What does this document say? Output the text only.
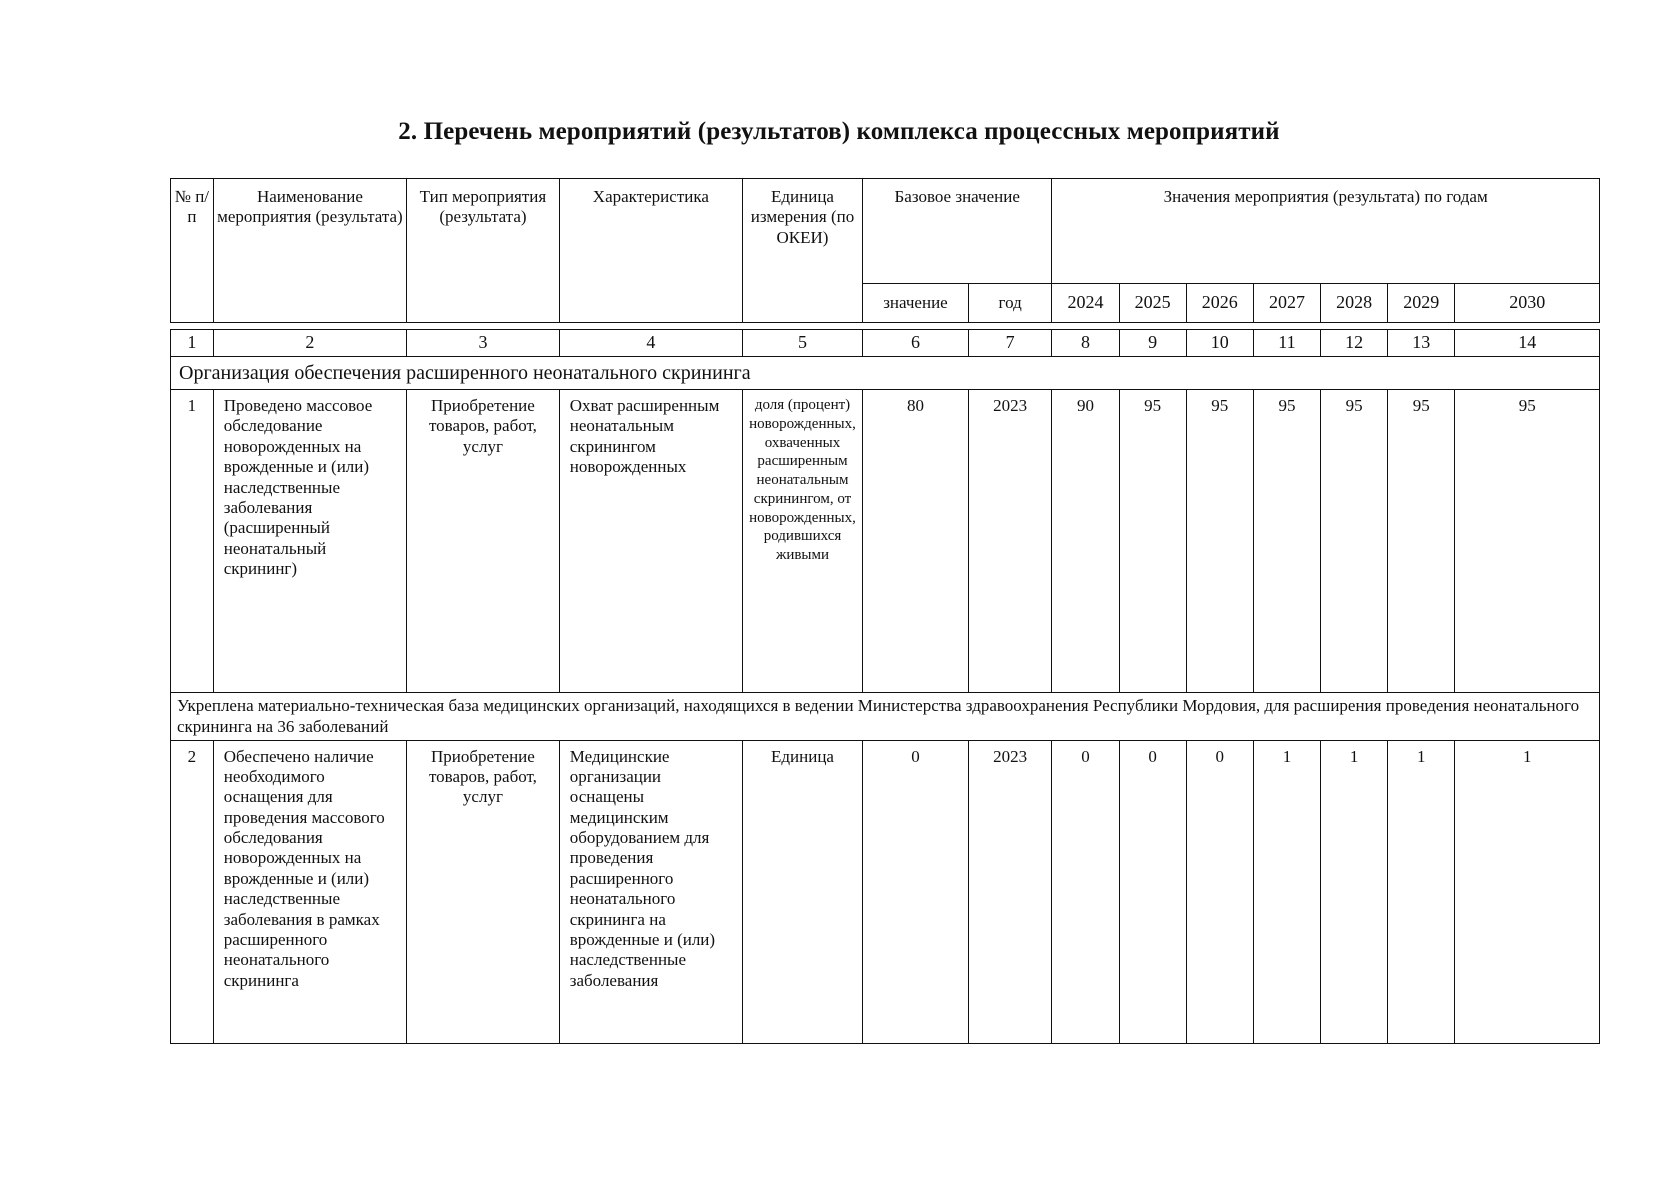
2. Перечень мероприятий (результатов) комплекса процессных мероприятий
№ п/п	Наименование мероприятия (результата)	Тип мероприятия (результата)	Характеристика	Единица измерения (по ОКЕИ)	Базовое значение		Значения мероприятия (результата) по годам						
					значение	год	2024	2025	2026	2027	2028	2029	2030

1	2	3	4	5	6	7	8	9	10	11	12	13	14
Организация обеспечения расширенного неонатального скрининга													
1	Проведено массовое обследование новорожденных на врожденные и (или) наследственные заболевания (расширенный неонатальный скрининг)	Приобретение товаров, работ, услуг	Охват расширенным неонатальным скринингом новорожденных	доля (процент) новорожденных, охваченных расширенным неонатальным скринингом, от новорожденных, родившихся живыми	80	2023	90	95	95	95	95	95	95
Укреплена материально-техническая база медицинских организаций, находящихся в ведении Министерства здравоохранения Республики Мордовия, для расширения проведения неонатального скрининга на 36 заболеваний													
2	Обеспечено наличие необходимого оснащения для проведения массового обследования новорожденных на врожденные и (или) наследственные заболевания в рамках расширенного неонатального скрининга	Приобретение товаров, работ, услуг	Медицинские организации оснащены медицинским оборудованием для проведения расширенного неонатального скрининга на врожденные и (или) наследственные заболевания	Единица	0	2023	0	0	0	1	1	1	1
